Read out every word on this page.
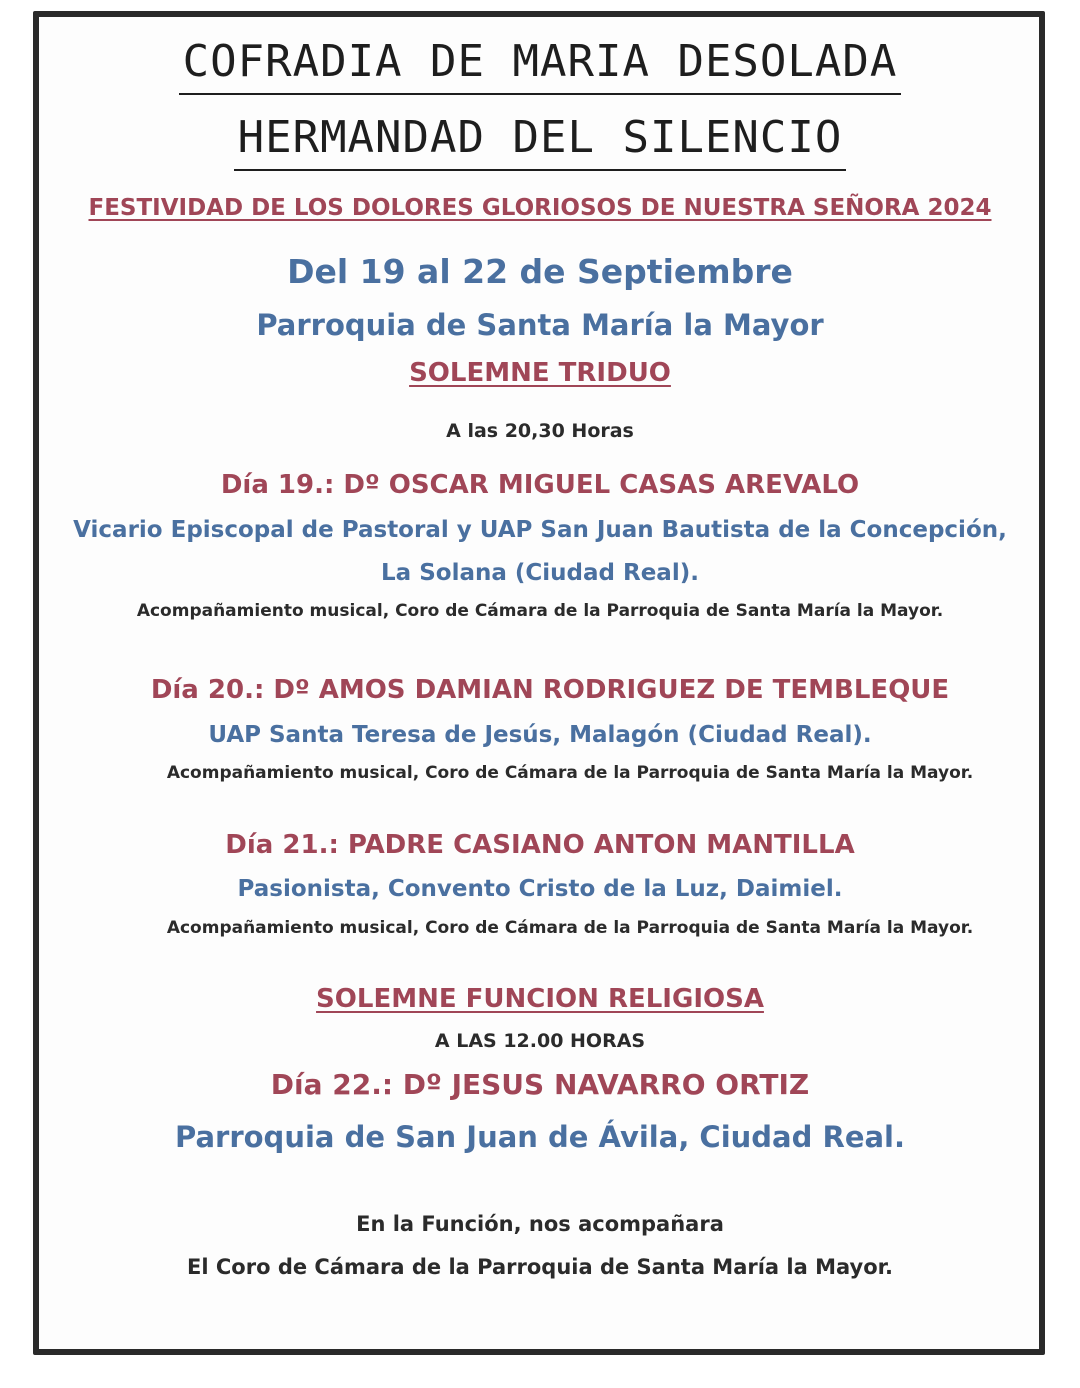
COFRADIA DE MARIA DESOLADA
HERMANDAD DEL SILENCIO
FESTIVIDAD DE LOS DOLORES GLORIOSOS DE NUESTRA SEÑORA 2024
Del 19 al 22 de Septiembre
Parroquia de Santa María la Mayor
SOLEMNE TRIDUO
A las 20,30 Horas
Día 19.: Dº OSCAR MIGUEL CASAS AREVALO
Vicario Episcopal de Pastoral y UAP San Juan Bautista de la Concepción,
La Solana (Ciudad Real).
Acompañamiento musical, Coro de Cámara de la Parroquia de Santa María la Mayor.
Día 20.: Dº AMOS DAMIAN RODRIGUEZ DE TEMBLEQUE
UAP Santa Teresa de Jesús, Malagón (Ciudad Real).
Acompañamiento musical, Coro de Cámara de la Parroquia de Santa María la Mayor.
Día 21.: PADRE CASIANO ANTON MANTILLA
Pasionista, Convento Cristo de la Luz, Daimiel.
Acompañamiento musical, Coro de Cámara de la Parroquia de Santa María la Mayor.
SOLEMNE FUNCION RELIGIOSA
A LAS 12.00 HORAS
Día 22.: Dº JESUS NAVARRO ORTIZ
Parroquia de San Juan de Ávila, Ciudad Real.
En la Función, nos acompañara
El Coro de Cámara de la Parroquia de Santa María la Mayor.
